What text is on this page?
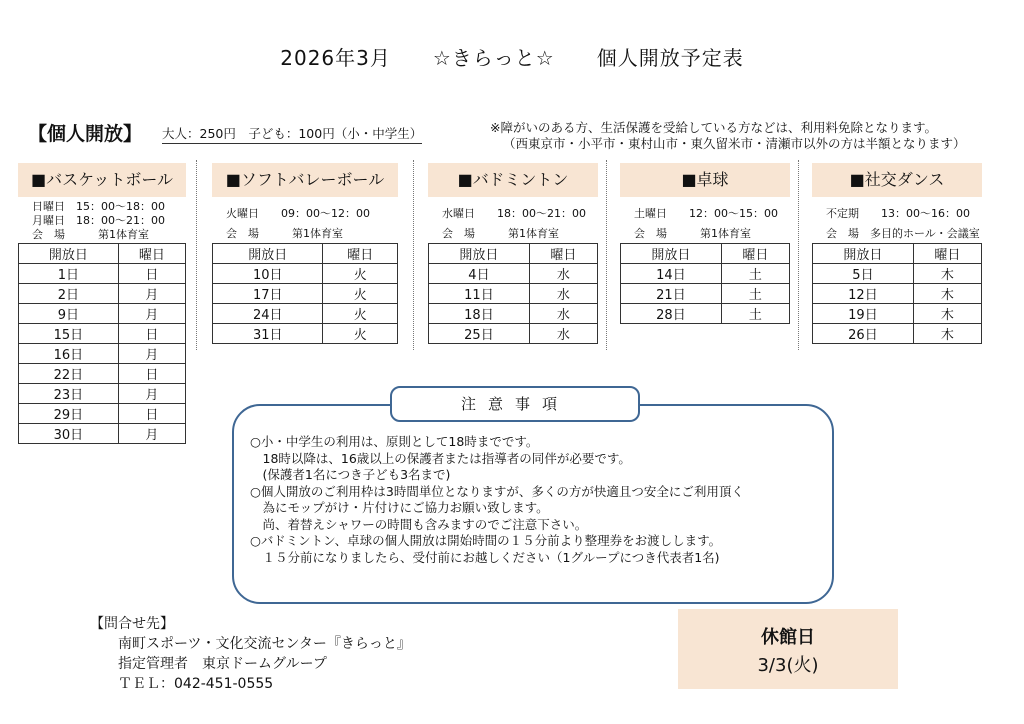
2026年3月　　☆きらっと☆　　個人開放予定表
【個人開放】 大人：250円　子ども：100円（小・中学生）	※障がいのある方、生活保護を受給している方などは、利用料免除となります。
（西東京市・小平市・東村山市・東久留米市・清瀬市以外の方は半額となります）
■バスケットボール
日曜日　15：00～18：00
月曜日　18：00～21：00
会　場　　　第1体育室
開放日	曜日
1日	日
2日	月
9日	月
15日	日
16日	月
22日	日
23日	月
29日	日
30日	月
■ソフトバレーボール
火曜日　　09：00～12：00
会　場　　　第1体育室
開放日	曜日
10日	火
17日	火
24日	火
31日	火
■バドミントン
水曜日　　18：00～21：00
会　場　　　第1体育室
開放日	曜日
4日	水
11日	水
18日	水
25日	水
■卓球
土曜日　　12：00～15：00
会　場　　　第1体育室
開放日	曜日
14日	土
21日	土
28日	土
■社交ダンス
不定期　　13：00～16：00
会　場　多目的ホール・会議室
開放日	曜日
5日	木
12日	木
19日	木
26日	木
注意事項
○小・中学生の利用は、原則として18時までです。
　18時以降は、16歳以上の保護者または指導者の同伴が必要です。
　(保護者1名につき子ども3名まで)
○個人開放のご利用枠は3時間単位となりますが、多くの方が快適且つ安全にご利用頂く
　為にモップがけ・片付けにご協力お願い致します。
　尚、着替えシャワーの時間も含みますのでご注意下さい。
○バドミントン、卓球の個人開放は開始時間の１５分前より整理券をお渡しします。
　１５分前になりましたら、受付前にお越しください（1グループにつき代表者1名)
【問合せ先】
　　南町スポーツ・文化交流センター『きらっと』
　　指定管理者　東京ドームグループ
　　ＴＥＬ：042-451-0555
休館日
3/3(火)
